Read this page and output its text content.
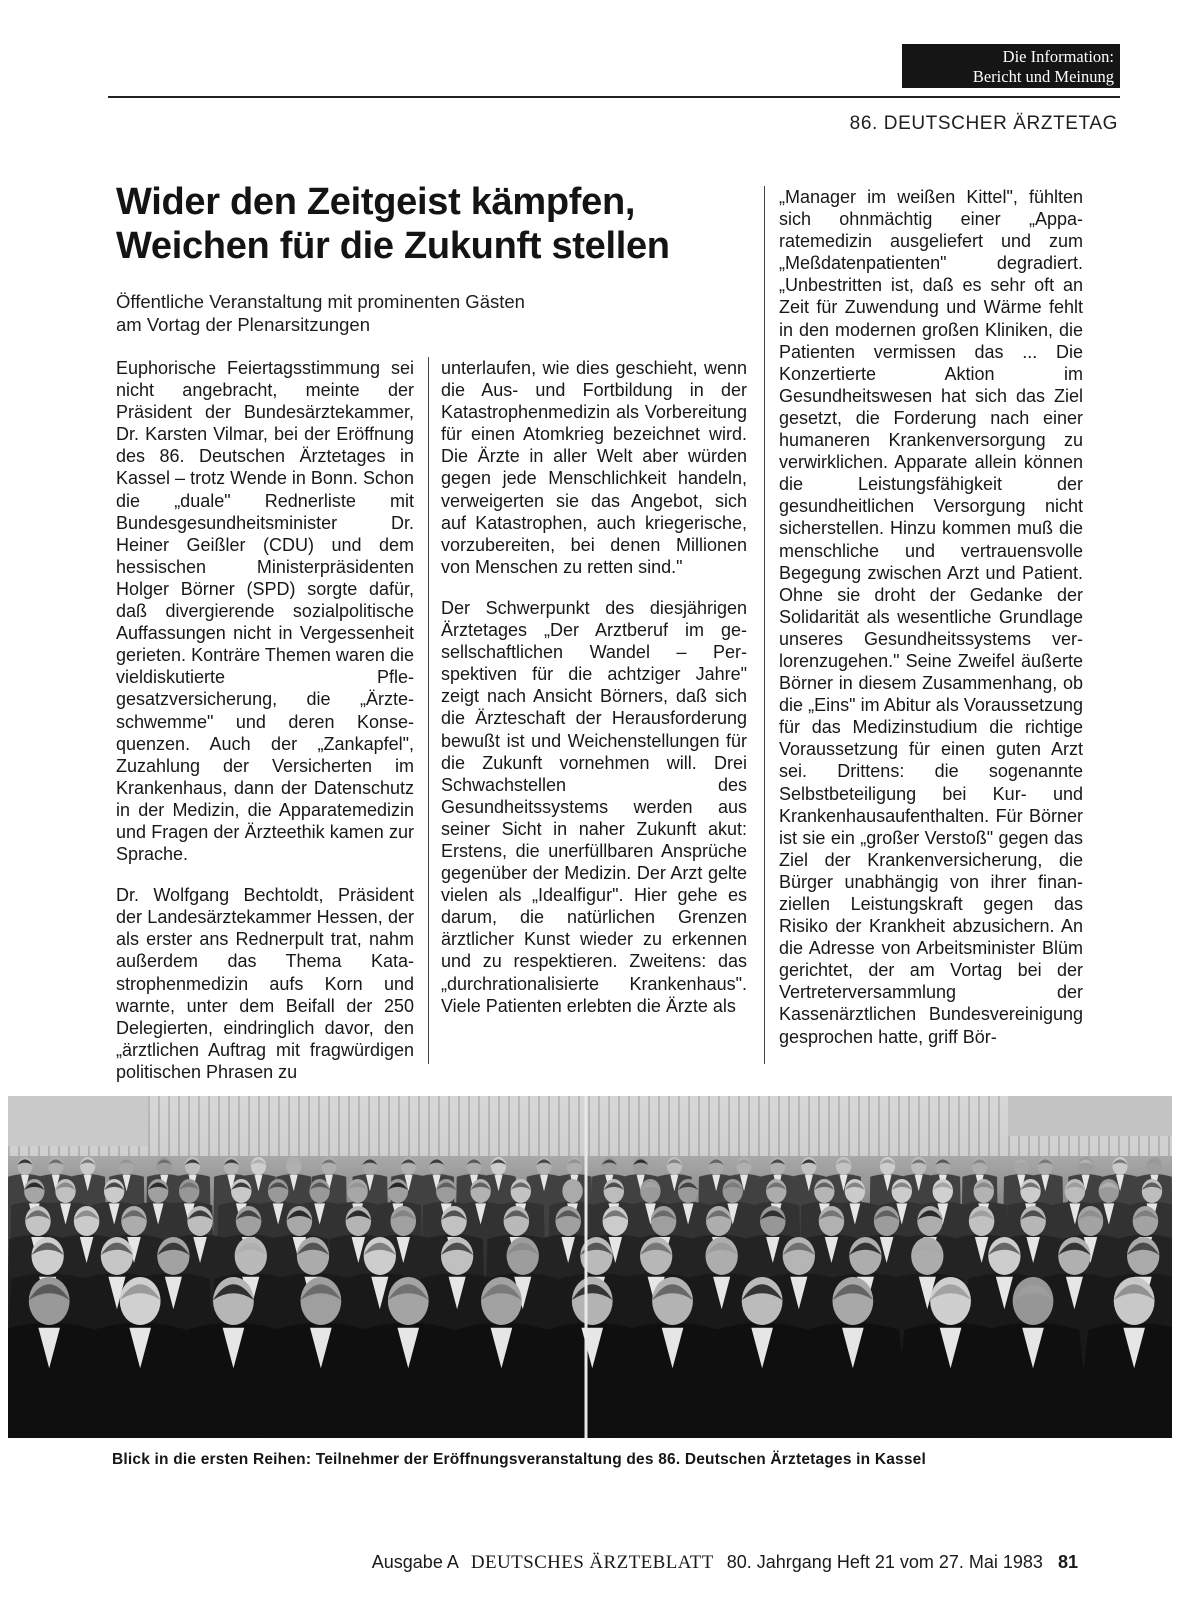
Die Information:
Bericht und Meinung
86. DEUTSCHER ÄRZTETAG
Wider den Zeitgeist kämpfen,
Weichen für die Zukunft stellen
Öffentliche Veranstaltung mit prominenten Gästen
am Vortag der Plenarsitzungen

Euphorische Feiertagsstimmung sei nicht angebracht, meinte der Präsident der Bundesärztekammer, Dr. Karsten Vilmar, bei der Eröffnung des 86. Deutschen Ärztetages in Kassel – trotz Wende in Bonn. Schon die „duale" Rednerliste mit Bundesgesundheitsminister Dr. Heiner Geißler (CDU) und dem hessischen Ministerpräsidenten Holger Börner (SPD) sorgte dafür, daß divergierende sozialpolitische Auffassungen nicht in Vergessenheit gerieten. Konträre Themen waren die vieldiskutierte Pflegesatzversicherung, die „Ärzteschwemme" und deren Konsequenzen. Auch der „Zankapfel", Zuzahlung der Versicherten im Krankenhaus, dann der Datenschutz in der Medizin, die Apparatemedizin und Fragen der Ärzteethik kamen zur Sprache.

Dr. Wolfgang Bechtoldt, Präsident der Landesärztekammer Hessen, der als erster ans Rednerpult trat, nahm außerdem das Thema Katastrophenmedizin aufs Korn und warnte, unter dem Beifall der 250 Delegierten, eindringlich davor, den „ärztlichen Auftrag mit fragwürdigen politischen Phrasen zu

unterlaufen, wie dies geschieht, wenn die Aus- und Fortbildung in der Katastrophenmedizin als Vorbereitung für einen Atomkrieg bezeichnet wird. Die Ärzte in aller Welt aber würden gegen jede Menschlichkeit handeln, verweigerten sie das Angebot, sich auf Katastrophen, auch kriegerische, vorzubereiten, bei denen Millionen von Menschen zu retten sind."

Der Schwerpunkt des diesjährigen Ärztetages „Der Arztberuf im gesellschaftlichen Wandel – Perspektiven für die achtziger Jahre" zeigt nach Ansicht Börners, daß sich die Ärzteschaft der Herausforderung bewußt ist und Weichenstellungen für die Zukunft vornehmen will. Drei Schwachstellen des Gesundheitssystems werden aus seiner Sicht in naher Zukunft akut: Erstens, die unerfüllbaren Ansprüche gegenüber der Medizin. Der Arzt gelte vielen als „Idealfigur". Hier gehe es darum, die natürlichen Grenzen ärztlicher Kunst wieder zu erkennen und zu respektieren. Zweitens: das „durchrationalisierte Krankenhaus". Viele Patienten erlebten die Ärzte als

„Manager im weißen Kittel", fühlten sich ohnmächtig einer „Apparatemedizin ausgeliefert und zum „Meßdatenpatienten" degradiert. „Unbestritten ist, daß es sehr oft an Zeit für Zuwendung und Wärme fehlt in den modernen großen Kliniken, die Patienten vermissen das ... Die Konzertierte Aktion im Gesundheitswesen hat sich das Ziel gesetzt, die Forderung nach einer humaneren Krankenversorgung zu verwirklichen. Apparate allein können die Leistungsfähigkeit der gesundheitlichen Versorgung nicht sicherstellen. Hinzu kommen muß die menschliche und vertrauensvolle Begegung zwischen Arzt und Patient. Ohne sie droht der Gedanke der Solidarität als wesentliche Grundlage unseres Gesundheitssystems verlorenzugehen." Seine Zweifel äußerte Börner in diesem Zusammenhang, ob die „Eins" im Abitur als Voraussetzung für das Medizinstudium die richtige Voraussetzung für einen guten Arzt sei. Drittens: die sogenannte Selbstbeteiligung bei Kur- und Krankenhausaufenthalten. Für Börner ist sie ein „großer Verstoß" gegen das Ziel der Krankenversicherung, die Bürger unabhängig von ihrer finanziellen Leistungskraft gegen das Risiko der Krankheit abzusichern. An die Adresse von Arbeitsminister Blüm gerichtet, der am Vortag bei der Vertreterversammlung der Kassenärztlichen Bundesvereinigung gesprochen hatte, griff Bör-

Blick in die ersten Reihen: Teilnehmer der Eröffnungsveranstaltung des 86. Deutschen Ärztetages in Kassel
Ausgabe A DEUTSCHES ÄRZTEBLATT 80. Jahrgang Heft 21 vom 27. Mai 1983 81
